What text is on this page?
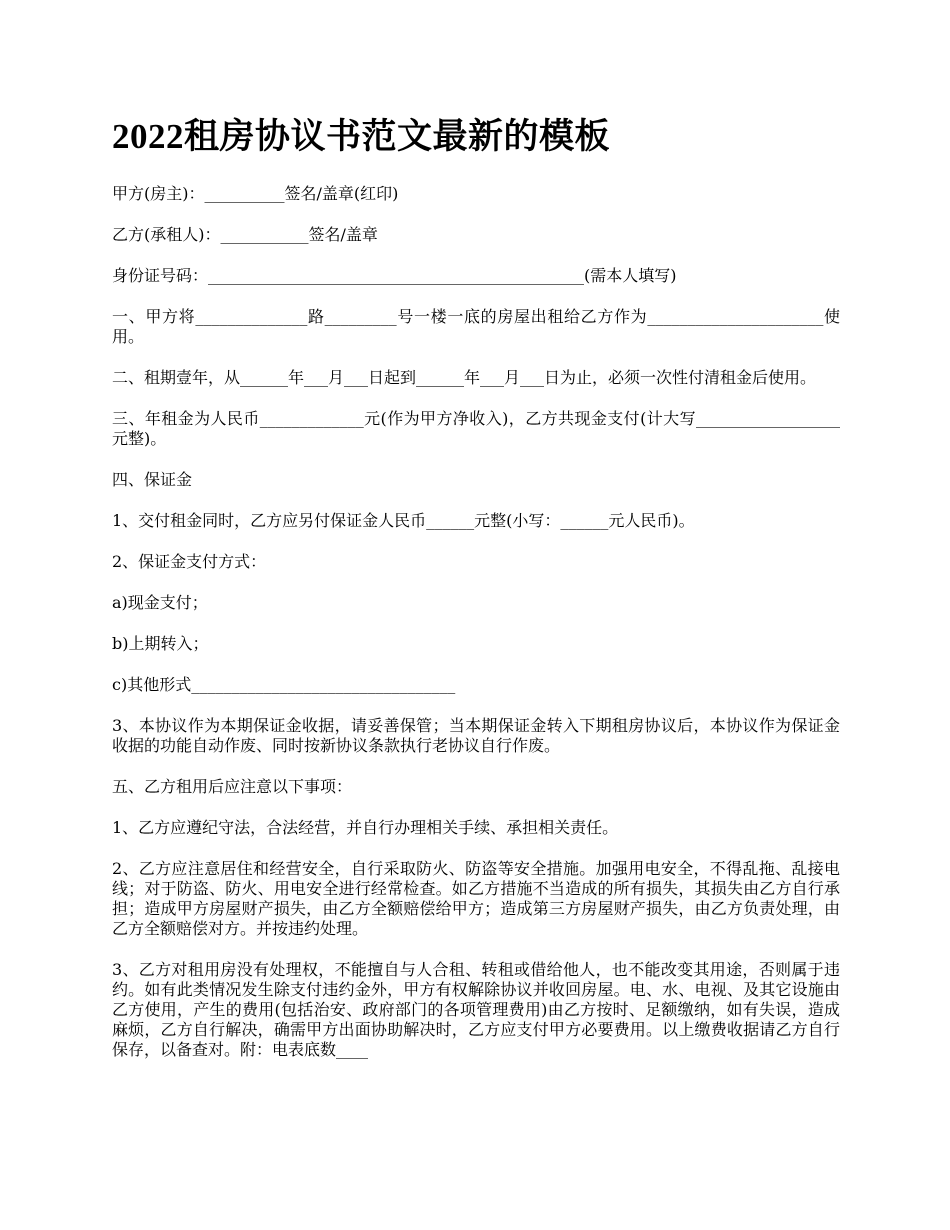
2022租房协议书范文最新的模板

甲方(房主)：__________签名/盖章(红印)

乙方(承租人)：___________签名/盖章

身份证号码：_______________________________________________(需本人填写)

一、甲方将______________路_________号一楼一底的房屋出租给乙方作为______________________使用。

二、租期壹年，从______年___月___日起到______年___月___日为止，必须一次性付清租金后使用。

三、年租金为人民币_____________元(作为甲方净收入)，乙方共现金支付(计大写__________________元整)。

四、保证金

1、交付租金同时，乙方应另付保证金人民币______元整(小写：______元人民币)。

2、保证金支付方式：

a)现金支付；

b)上期转入；

c)其他形式_________________________________

3、本协议作为本期保证金收据，请妥善保管；当本期保证金转入下期租房协议后，本协议作为保证金收据的功能自动作废、同时按新协议条款执行老协议自行作废。

五、乙方租用后应注意以下事项：

1、乙方应遵纪守法，合法经营，并自行办理相关手续、承担相关责任。

2、乙方应注意居住和经营安全，自行采取防火、防盗等安全措施。加强用电安全，不得乱拖、乱接电线；对于防盗、防火、用电安全进行经常检查。如乙方措施不当造成的所有损失，其损失由乙方自行承担；造成甲方房屋财产损失，由乙方全额赔偿给甲方；造成第三方房屋财产损失，由乙方负责处理，由乙方全额赔偿对方。并按违约处理。

3、乙方对租用房没有处理权，不能擅自与人合租、转租或借给他人，也不能改变其用途，否则属于违约。如有此类情况发生除支付违约金外，甲方有权解除协议并收回房屋。电、水、电视、及其它设施由乙方使用，产生的费用(包括治安、政府部门的各项管理费用)由乙方按时、足额缴纳，如有失误，造成麻烦，乙方自行解决，确需甲方出面协助解决时，乙方应支付甲方必要费用。以上缴费收据请乙方自行保存，以备查对。附：电表底数____
